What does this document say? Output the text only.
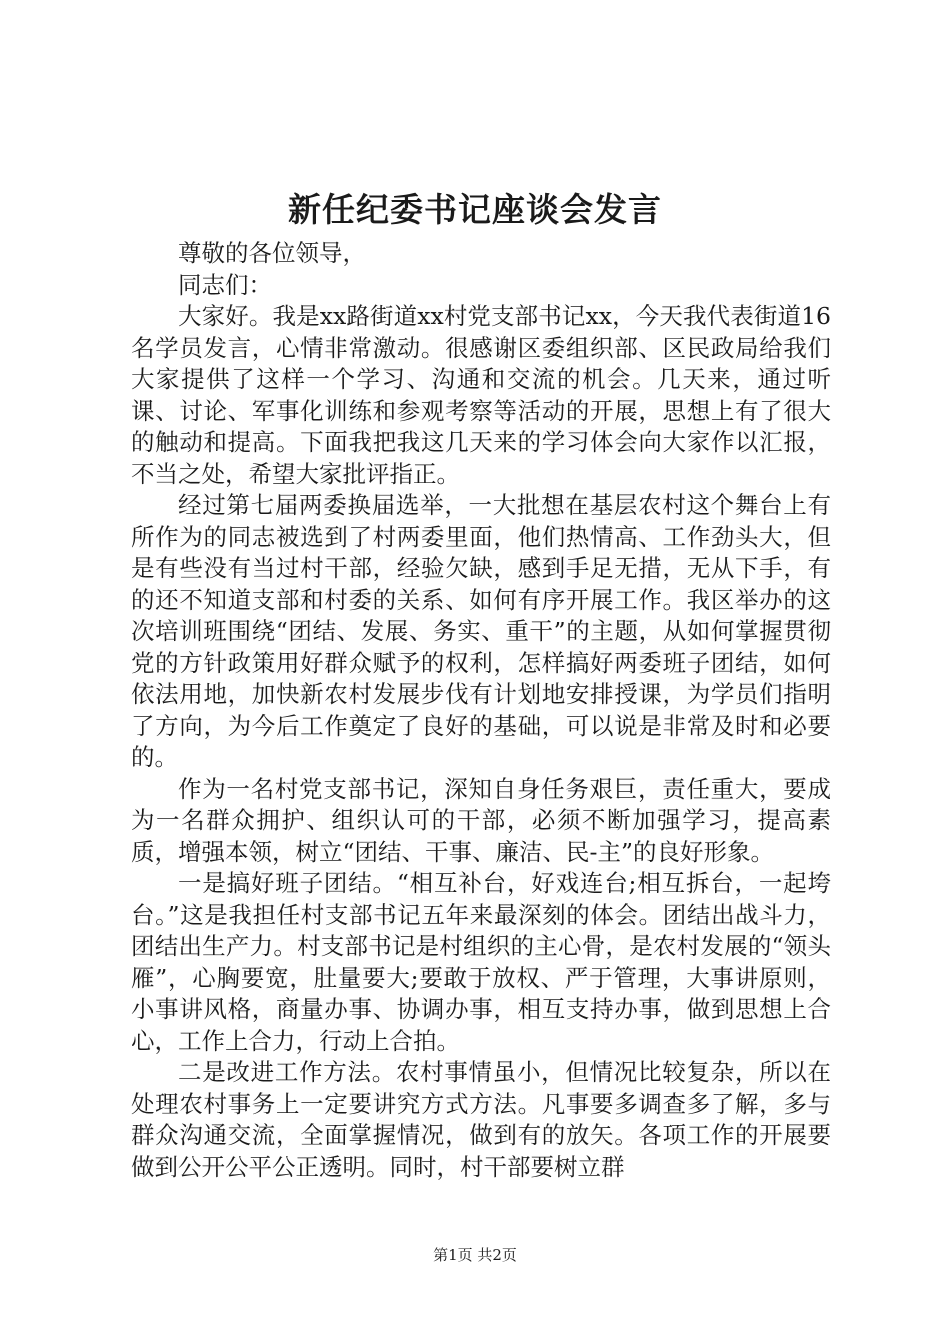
新任纪委书记座谈会发言

尊敬的各位领导，

同志们：

大家好。我是xx路街道xx村党支部书记xx，今天我代表街道16名学员发言，心情非常激动。很感谢区委组织部、区民政局给我们大家提供了这样一个学习、沟通和交流的机会。几天来，通过听课、讨论、军事化训练和参观考察等活动的开展，思想上有了很大的触动和提高。下面我把我这几天来的学习体会向大家作以汇报，不当之处，希望大家批评指正。

经过第七届两委换届选举，一大批想在基层农村这个舞台上有所作为的同志被选到了村两委里面，他们热情高、工作劲头大，但是有些没有当过村干部，经验欠缺，感到手足无措，无从下手，有的还不知道支部和村委的关系、如何有序开展工作。我区举办的这次培训班围绕“团结、发展、务实、重干”的主题，从如何掌握贯彻党的方针政策用好群众赋予的权利，怎样搞好两委班子团结，如何依法用地，加快新农村发展步伐有计划地安排授课，为学员们指明了方向，为今后工作奠定了良好的基础，可以说是非常及时和必要的。

作为一名村党支部书记，深知自身任务艰巨，责任重大，要成为一名群众拥护、组织认可的干部，必须不断加强学习，提高素质，增强本领，树立“团结、干事、廉洁、民-主”的良好形象。

一是搞好班子团结。“相互补台，好戏连台;相互拆台，一起垮台。”这是我担任村支部书记五年来最深刻的体会。团结出战斗力，团结出生产力。村支部书记是村组织的主心骨，是农村发展的“领头雁”，心胸要宽，肚量要大;要敢于放权、严于管理，大事讲原则，小事讲风格，商量办事、协调办事，相互支持办事，做到思想上合心，工作上合力，行动上合拍。

二是改进工作方法。农村事情虽小，但情况比较复杂，所以在处理农村事务上一定要讲究方式方法。凡事要多调查多了解，多与群众沟通交流，全面掌握情况，做到有的放矢。各项工作的开展要做到公开公平公正透明。同时，村干部要树立群

第1页 共2页
